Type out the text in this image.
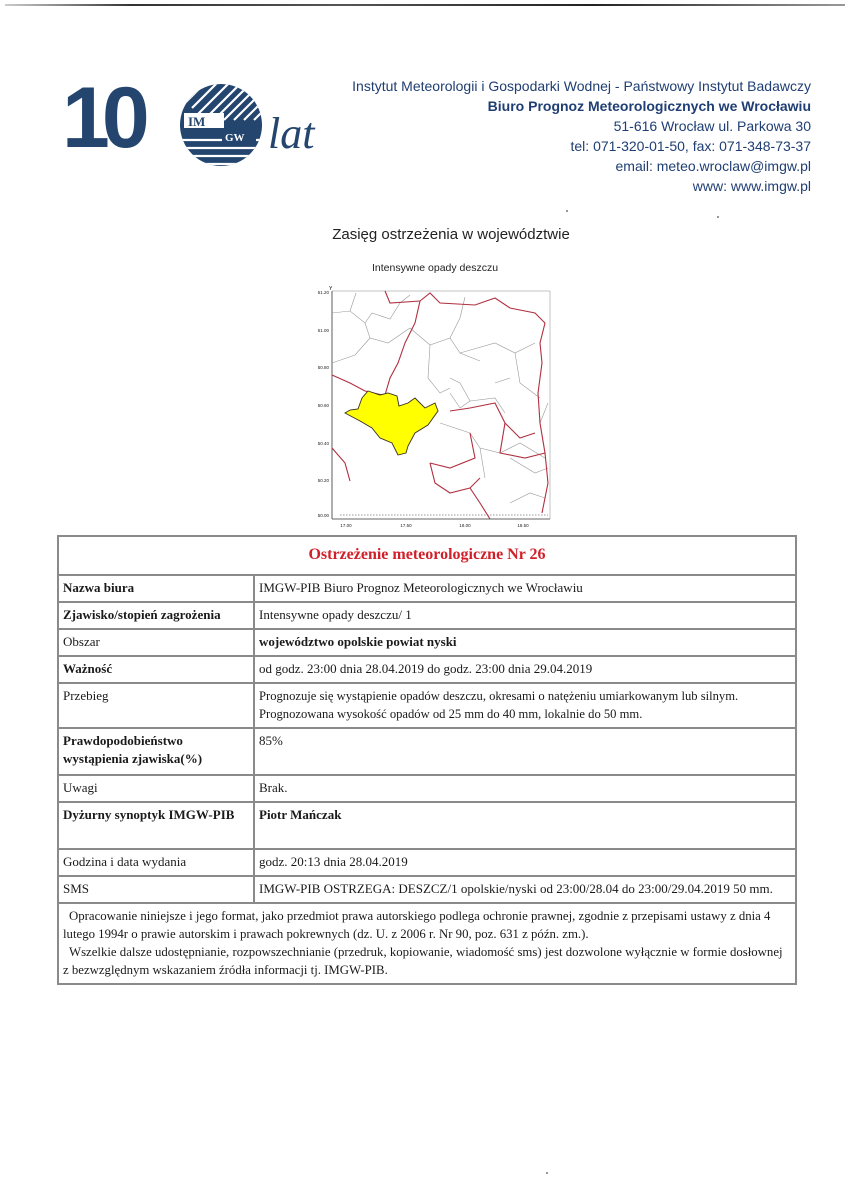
10	IM
GW lat
Instytut Meteorologii i Gospodarki Wodnej - Państwowy Instytut Badawczy
Biuro Prognoz Meteorologicznych we Wrocławiu
51-616 Wrocław ul. Parkowa 30
tel: 071-320-01-50, fax: 071-348-73-37
email: meteo.wroclaw@imgw.pl
www: www.imgw.pl
Zasięg ostrzeżenia w województwie
Intensywne opady deszczu
Y
51.20
51.00
50.80
50.60
50.40
50.20
50.00
17.00	17.50	18.00	18.50
Ostrzeżenie meteorologiczne Nr 26	
Nazwa biura	IMGW-PIB Biuro Prognoz Meteorologicznych we Wrocławiu
Zjawisko/stopień zagrożenia	Intensywne opady deszczu/ 1
Obszar	województwo opolskie powiat nyski
Ważność	od godz. 23:00 dnia 28.04.2019 do godz. 23:00 dnia 29.04.2019
Przebieg	Prognozuje się wystąpienie opadów deszczu, okresami o natężeniu umiarkowanym lub silnym. Prognozowana wysokość opadów od 25 mm do 40 mm, lokalnie do 50 mm.
Prawdopodobieństwo wystąpienia zjawiska(%)	85%
Uwagi	Brak.
Dyżurny synoptyk IMGW-PIB	Piotr Mańczak
Godzina i data wydania	godz. 20:13 dnia 28.04.2019
SMS	IMGW-PIB OSTRZEGA: DESZCZ/1 opolskie/nyski od 23:00/28.04 do 23:00/29.04.2019 50 mm.

Opracowanie niniejsze i jego format, jako przedmiot prawa autorskiego podlega ochronie prawnej, zgodnie z przepisami ustawy z dnia 4 lutego 1994r o prawie autorskim i prawach pokrewnych (dz. U. z 2006 r. Nr 90, poz. 631 z późn. zm.).
Wszelkie dalsze udostępnianie, rozpowszechnianie (przedruk, kopiowanie, wiadomość sms) jest dozwolone wyłącznie w formie dosłownej z bezwzględnym wskazaniem źródła informacji tj. IMGW-PIB.	
